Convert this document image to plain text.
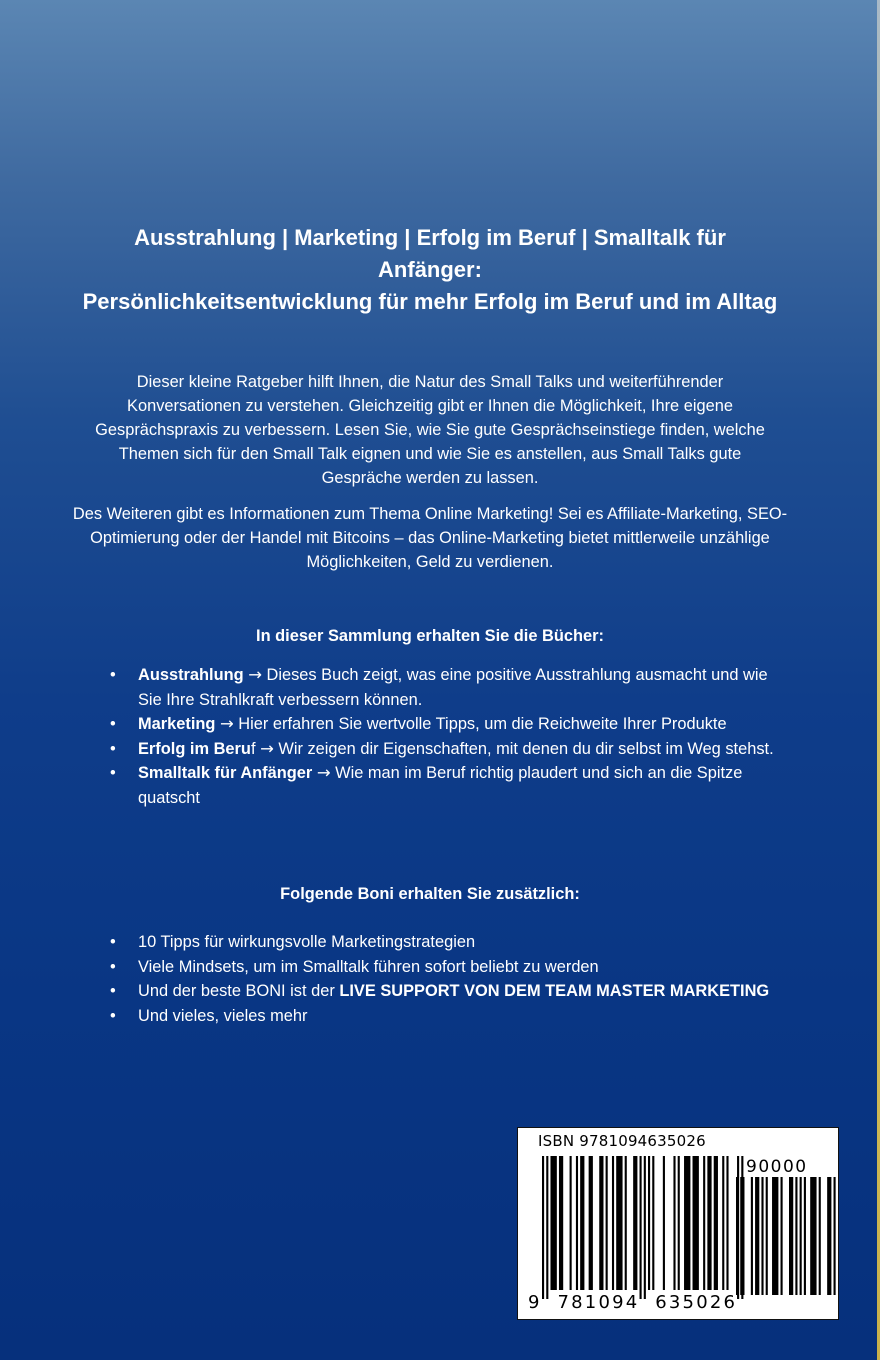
Ausstrahlung | Marketing | Erfolg im Beruf | Smalltalk für
Anfänger:
Persönlichkeitsentwicklung für mehr Erfolg im Beruf und im Alltag
Dieser kleine Ratgeber hilft Ihnen, die Natur des Small Talks und weiterführender Konversationen zu verstehen. Gleichzeitig gibt er Ihnen die Möglichkeit, Ihre eigene Gesprächspraxis zu verbessern. Lesen Sie, wie Sie gute Gesprächseinstiege finden, welche Themen sich für den Small Talk eignen und wie Sie es anstellen, aus Small Talks gute Gespräche werden zu lassen.
Des Weiteren gibt es Informationen zum Thema Online Marketing! Sei es Affiliate-Marketing, SEO-Optimierung oder der Handel mit Bitcoins – das Online-Marketing bietet mittlerweile unzählige Möglichkeiten, Geld zu verdienen.
In dieser Sammlung erhalten Sie die Bücher:
• Ausstrahlung → Dieses Buch zeigt, was eine positive Ausstrahlung ausmacht und wie Sie Ihre Strahlkraft verbessern können.
• Marketing → Hier erfahren Sie wertvolle Tipps, um die Reichweite Ihrer Produkte
• Erfolg im Beruf → Wir zeigen dir Eigenschaften, mit denen du dir selbst im Weg stehst.
• Smalltalk für Anfänger → Wie man im Beruf richtig plaudert und sich an die Spitze quatscht
Folgende Boni erhalten Sie zusätzlich:
• 10 Tipps für wirkungsvolle Marketingstrategien
• Viele Mindsets, um im Smalltalk führen sofort beliebt zu werden
• Und der beste BONI ist der LIVE SUPPORT VON DEM TEAM MASTER MARKETING
• Und vieles, vieles mehr
ISBN 9781094635026
90000
9  781094  635026
